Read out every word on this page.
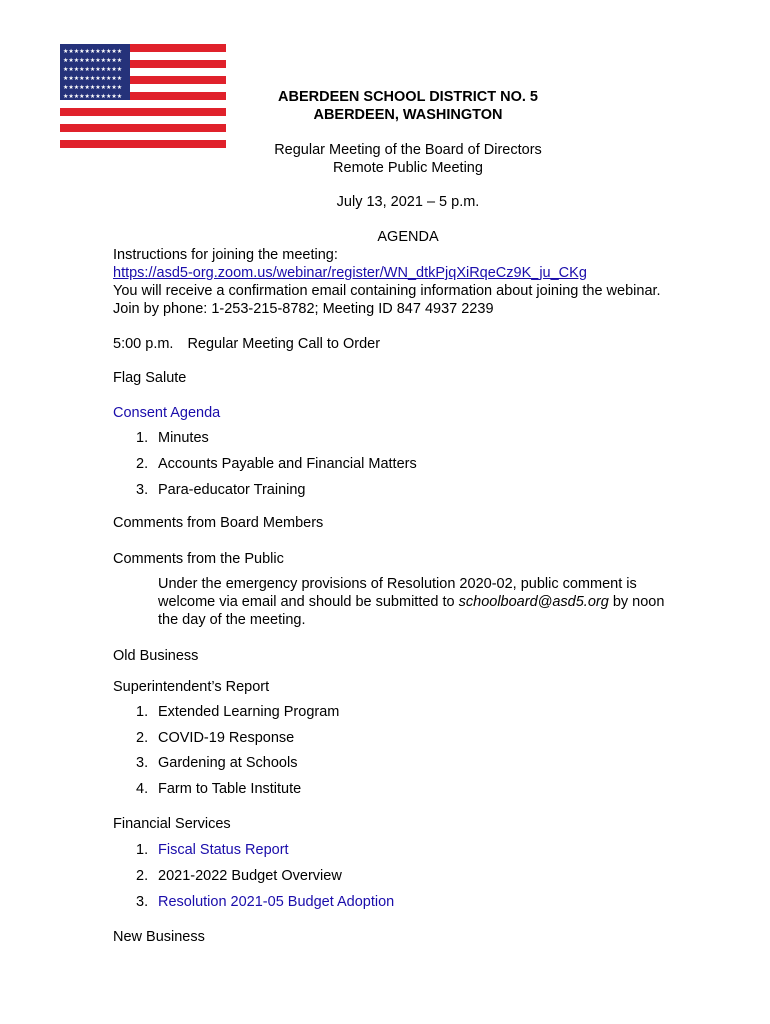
★★★★★★★★★★★
★★★★★★★★★★★
★★★★★★★★★★★
★★★★★★★★★★★
★★★★★★★★★★★
★★★★★★★★★★★	ABERDEEN SCHOOL DISTRICT NO. 5
ABERDEEN, WASHINGTON
Regular Meeting of the Board of Directors
Remote Public Meeting
July 13, 2021 – 5 p.m.
AGENDA
Instructions for joining the meeting:
https://asd5-org.zoom.us/webinar/register/WN_dtkPjqXiRqeCz9K_ju_CKg
You will receive a confirmation email containing information about joining the webinar.
Join by phone: 1-253-215-8782; Meeting ID 847 4937 2239
5:00 p.m. Regular Meeting Call to Order
Flag Salute
Consent Agenda
1. Minutes
2. Accounts Payable and Financial Matters
3. Para-educator Training
Comments from Board Members
Comments from the Public
Under the emergency provisions of Resolution 2020-02, public comment is
welcome via email and should be submitted to schoolboard@asd5.org by noon
the day of the meeting.
Old Business
Superintendent’s Report
1. Extended Learning Program
2. COVID-19 Response
3. Gardening at Schools
4. Farm to Table Institute
Financial Services
1. Fiscal Status Report
2. 2021-2022 Budget Overview
3. Resolution 2021-05 Budget Adoption
New Business
